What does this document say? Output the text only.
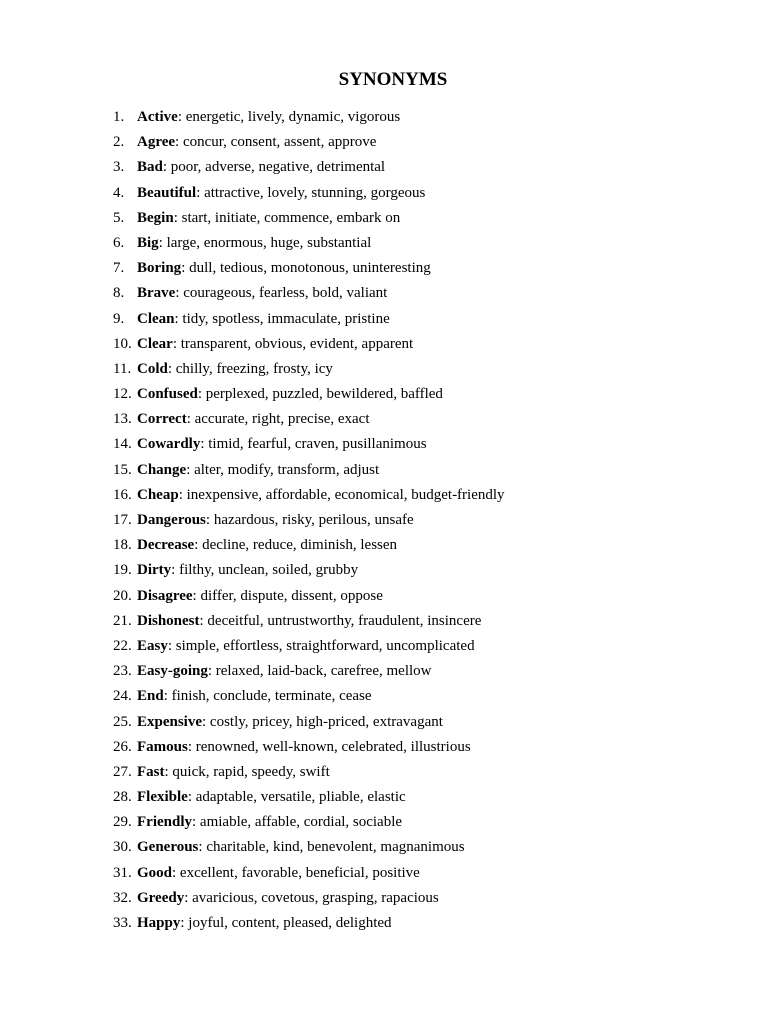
SYNONYMS
1. Active: energetic, lively, dynamic, vigorous
2. Agree: concur, consent, assent, approve
3. Bad: poor, adverse, negative, detrimental
4. Beautiful: attractive, lovely, stunning, gorgeous
5. Begin: start, initiate, commence, embark on
6. Big: large, enormous, huge, substantial
7. Boring: dull, tedious, monotonous, uninteresting
8. Brave: courageous, fearless, bold, valiant
9. Clean: tidy, spotless, immaculate, pristine
10. Clear: transparent, obvious, evident, apparent
11. Cold: chilly, freezing, frosty, icy
12. Confused: perplexed, puzzled, bewildered, baffled
13. Correct: accurate, right, precise, exact
14. Cowardly: timid, fearful, craven, pusillanimous
15. Change: alter, modify, transform, adjust
16. Cheap: inexpensive, affordable, economical, budget-friendly
17. Dangerous: hazardous, risky, perilous, unsafe
18. Decrease: decline, reduce, diminish, lessen
19. Dirty: filthy, unclean, soiled, grubby
20. Disagree: differ, dispute, dissent, oppose
21. Dishonest: deceitful, untrustworthy, fraudulent, insincere
22. Easy: simple, effortless, straightforward, uncomplicated
23. Easy-going: relaxed, laid-back, carefree, mellow
24. End: finish, conclude, terminate, cease
25. Expensive: costly, pricey, high-priced, extravagant
26. Famous: renowned, well-known, celebrated, illustrious
27. Fast: quick, rapid, speedy, swift
28. Flexible: adaptable, versatile, pliable, elastic
29. Friendly: amiable, affable, cordial, sociable
30. Generous: charitable, kind, benevolent, magnanimous
31. Good: excellent, favorable, beneficial, positive
32. Greedy: avaricious, covetous, grasping, rapacious
33. Happy: joyful, content, pleased, delighted
